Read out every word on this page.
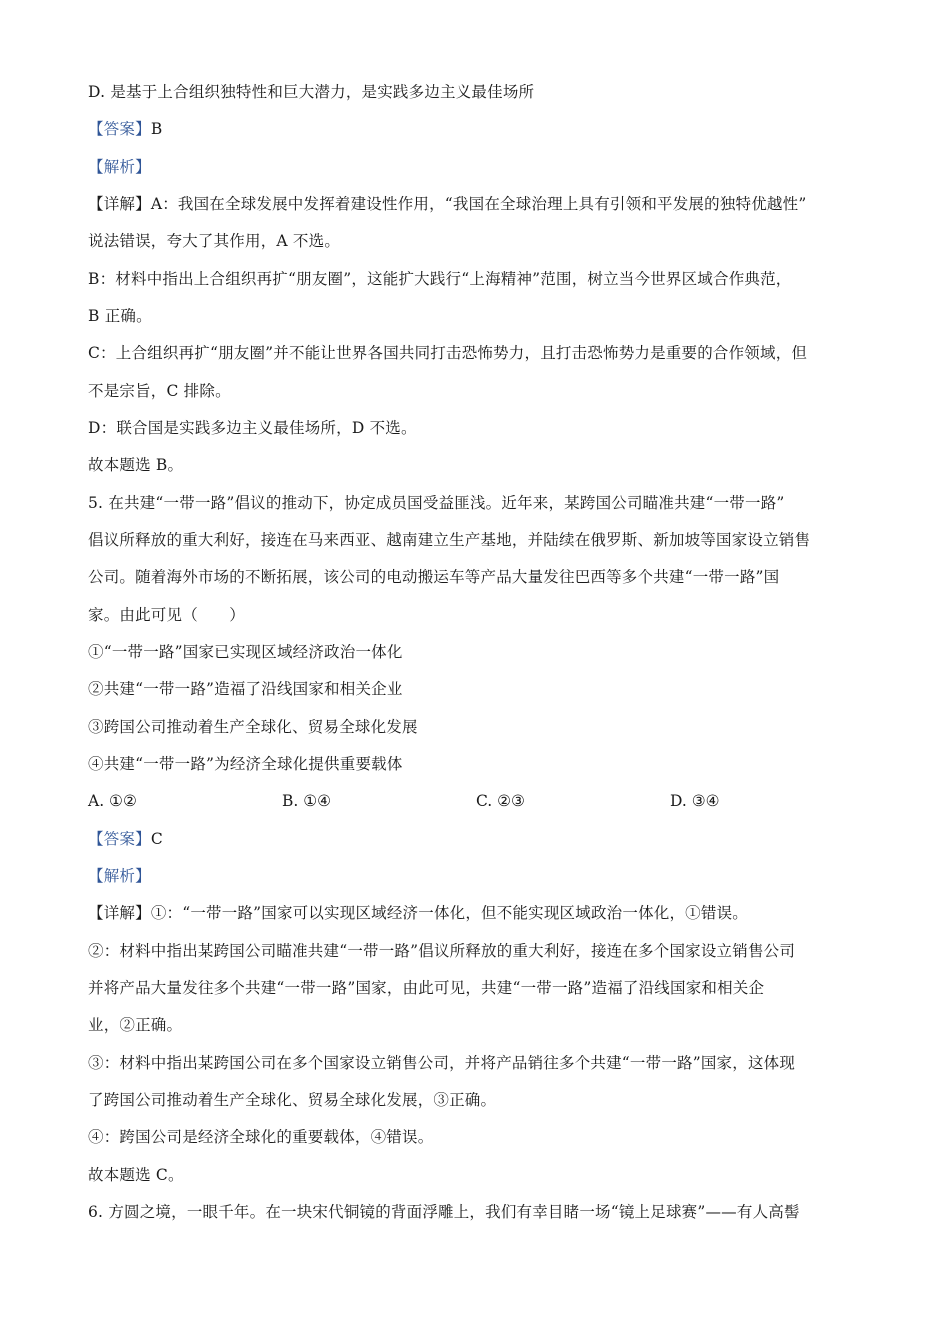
D. 是基于上合组织独特性和巨大潜力，是实践多边主义最佳场所
【答案】B
【解析】
【详解】A：我国在全球发展中发挥着建设性作用，“我国在全球治理上具有引领和平发展的独特优越性”
说法错误，夸大了其作用，A 不选。
B：材料中指出上合组织再扩“朋友圈”，这能扩大践行“上海精神”范围，树立当今世界区域合作典范，
B 正确。
C：上合组织再扩“朋友圈”并不能让世界各国共同打击恐怖势力，且打击恐怖势力是重要的合作领域，但
不是宗旨，C 排除。
D：联合国是实践多边主义最佳场所，D 不选。
故本题选 B。
5. 在共建“一带一路”倡议的推动下，协定成员国受益匪浅。近年来，某跨国公司瞄准共建“一带一路”
倡议所释放的重大利好，接连在马来西亚、越南建立生产基地，并陆续在俄罗斯、新加坡等国家设立销售
公司。随着海外市场的不断拓展，该公司的电动搬运车等产品大量发往巴西等多个共建“一带一路”国
家。由此可见（　　）
①“一带一路”国家已实现区域经济政治一体化
②共建“一带一路”造福了沿线国家和相关企业
③跨国公司推动着生产全球化、贸易全球化发展
④共建“一带一路”为经济全球化提供重要载体
A. ①②	B. ①④	C. ②③	D. ③④
【答案】C
【解析】
【详解】①：“一带一路”国家可以实现区域经济一体化，但不能实现区域政治一体化，①错误。
②：材料中指出某跨国公司瞄准共建“一带一路”倡议所释放的重大利好，接连在多个国家设立销售公司
并将产品大量发往多个共建“一带一路”国家，由此可见，共建“一带一路”造福了沿线国家和相关企
业，②正确。
③：材料中指出某跨国公司在多个国家设立销售公司，并将产品销往多个共建“一带一路”国家，这体现
了跨国公司推动着生产全球化、贸易全球化发展，③正确。
④：跨国公司是经济全球化的重要载体，④错误。
故本题选 C。
6. 方圆之境，一眼千年。在一块宋代铜镜的背面浮雕上，我们有幸目睹一场“镜上足球赛”——有人高髻
